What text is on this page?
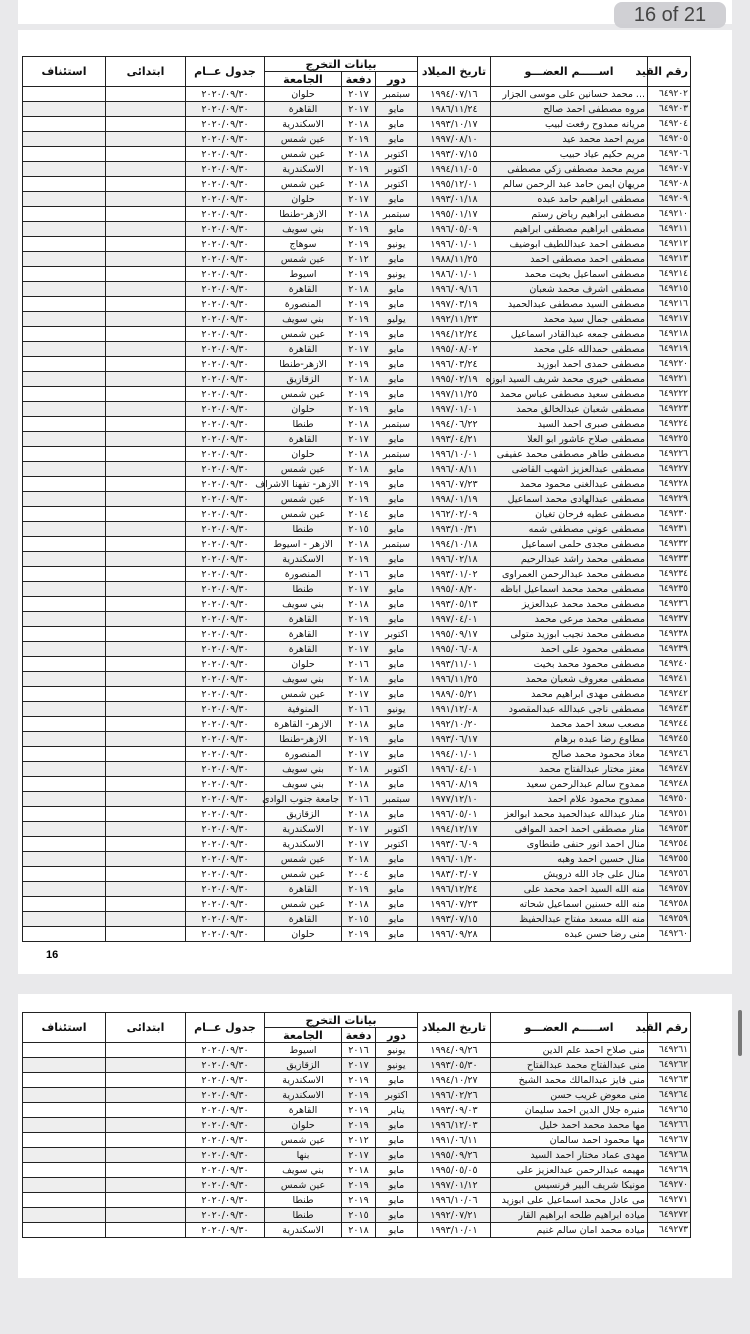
رقم القيد	اســـــم العضـــو	تاريخ الميلاد	بيانات التخرج			جدول عــام	ابتدائى	استئناف
			دور	دفعة	الجامعة			
٦٤٩٢٠٢	... محمد حسانين على موسى الجزار	١٩٩٤/٠٧/١٦	سبتمبر	٢٠١٧	حلوان	٢٠٢٠/٠٩/٣٠		
٦٤٩٢٠٣	مروه مصطفى احمد صالح	١٩٨٦/١١/٢٤	مايو	٢٠١٧	القاهرة	٢٠٢٠/٠٩/٣٠		
٦٤٩٢٠٤	مريانه ممدوح رفعت لبيب	١٩٩٣/١٠/١٧	مايو	٢٠١٨	الاسكندرية	٢٠٢٠/٠٩/٣٠		
٦٤٩٢٠٥	مريم احمد محمد عيد	١٩٩٧/٠٨/١٠	مايو	٢٠١٩	عين شمس	٢٠٢٠/٠٩/٣٠		
٦٤٩٢٠٦	مريم حكيم عياد حبيب	١٩٩٣/٠٧/١٥	اكتوبر	٢٠١٨	عين شمس	٢٠٢٠/٠٩/٣٠		
٦٤٩٢٠٧	مريم محمد مصطفى زكي مصطفى	١٩٩٤/١١/٠٥	اكتوبر	٢٠١٩	الاسكندرية	٢٠٢٠/٠٩/٣٠		
٦٤٩٢٠٨	مريهان ايمن حامد عبد الرحمن سالم	١٩٩٥/١٢/٠١	اكتوبر	٢٠١٨	عين شمس	٢٠٢٠/٠٩/٣٠		
٦٤٩٢٠٩	مصطفى ابراهيم حامد عبده	١٩٩٣/٠١/١٨	مايو	٢٠١٧	حلوان	٢٠٢٠/٠٩/٣٠		
٦٤٩٢١٠	مصطفى ابراهيم رياض رستم	١٩٩٥/٠١/١٧	سبتمبر	٢٠١٨	الازهر-طنطا	٢٠٢٠/٠٩/٣٠		
٦٤٩٢١١	مصطفى ابراهيم مصطفى ابراهيم	١٩٩٦/٠٥/٠٩	مايو	٢٠١٩	بني سويف	٢٠٢٠/٠٩/٣٠		
٦٤٩٢١٢	مصطفى احمد عبداللطيف ابوضيف	١٩٩٦/٠١/٠١	يونيو	٢٠١٩	سوهاج	٢٠٢٠/٠٩/٣٠		
٦٤٩٢١٣	مصطفى احمد مصطفى احمد	١٩٨٨/١١/٢٥	مايو	٢٠١٢	عين شمس	٢٠٢٠/٠٩/٣٠		
٦٤٩٢١٤	مصطفى اسماعيل بخيت محمد	١٩٨٦/٠١/٠١	يونيو	٢٠١٩	اسيوط	٢٠٢٠/٠٩/٣٠		
٦٤٩٢١٥	مصطفى اشرف محمد شعبان	١٩٩٦/٠٩/١٦	مايو	٢٠١٨	القاهرة	٢٠٢٠/٠٩/٣٠		
٦٤٩٢١٦	مصطفى السيد مصطفى عبدالحميد	١٩٩٧/٠٣/١٩	مايو	٢٠١٩	المنصورة	٢٠٢٠/٠٩/٣٠		
٦٤٩٢١٧	مصطفى جمال سيد محمد	١٩٩٢/١١/٢٣	يوليو	٢٠١٩	بني سويف	٢٠٢٠/٠٩/٣٠		
٦٤٩٢١٨	مصطفى جمعه عبدالقادر اسماعيل	١٩٩٤/١٢/٢٤	مايو	٢٠١٩	عين شمس	٢٠٢٠/٠٩/٣٠		
٦٤٩٢١٩	مصطفى حمدالله على محمد	١٩٩٥/٠٨/٠٢	مايو	٢٠١٧	القاهرة	٢٠٢٠/٠٩/٣٠		
٦٤٩٢٢٠	مصطفى حمدى احمد ابوزيد	١٩٩٦/٠٣/٢٤	مايو	٢٠١٩	الازهر-طنطا	٢٠٢٠/٠٩/٣٠		
٦٤٩٢٢١	مصطفى خيرى محمد شريف السيد ابوزه	١٩٩٥/٠٢/١٩	مايو	٢٠١٨	الزقازيق	٢٠٢٠/٠٩/٣٠		
٦٤٩٢٢٢	مصطفى سعيد مصطفى عباس محمد	١٩٩٧/١١/٢٥	مايو	٢٠١٩	عين شمس	٢٠٢٠/٠٩/٣٠		
٦٤٩٢٢٣	مصطفى شعبان عبدالخالق محمد	١٩٩٧/٠١/٠١	مايو	٢٠١٩	حلوان	٢٠٢٠/٠٩/٣٠		
٦٤٩٢٢٤	مصطفى صبرى احمد السيد	١٩٩٤/٠٦/٢٢	سبتمبر	٢٠١٨	طنطا	٢٠٢٠/٠٩/٣٠		
٦٤٩٢٢٥	مصطفى صلاح عاشور ابو العلا	١٩٩٣/٠٤/٢١	مايو	٢٠١٧	القاهرة	٢٠٢٠/٠٩/٣٠		
٦٤٩٢٢٦	مصطفى طاهر مصطفى محمد عفيفى	١٩٩٦/١٠/٠١	سبتمبر	٢٠١٨	حلوان	٢٠٢٠/٠٩/٣٠		
٦٤٩٢٢٧	مصطفى عبدالعزيز اشهب القاضى	١٩٩٦/٠٨/١١	مايو	٢٠١٨	عين شمس	٢٠٢٠/٠٩/٣٠		
٦٤٩٢٢٨	مصطفى عبدالغنى محمود محمد	١٩٩٦/٠٧/٢٣	مايو	٢٠١٩	الازهر- تفهنا الاشراف	٢٠٢٠/٠٩/٣٠		
٦٤٩٢٢٩	مصطفى عبدالهادى محمد اسماعيل	١٩٩٨/٠١/١٩	مايو	٢٠١٩	عين شمس	٢٠٢٠/٠٩/٣٠		
٦٤٩٢٣٠	مصطفى عطيه فرحان تغيان	١٩٦٢/٠٢/٠٩	مايو	٢٠١٤	عين شمس	٢٠٢٠/٠٩/٣٠		
٦٤٩٢٣١	مصطفى عونى مصطفى شمه	١٩٩٣/١٠/٣١	مايو	٢٠١٥	طنطا	٢٠٢٠/٠٩/٣٠		
٦٤٩٢٣٢	مصطفى مجدى حلمى اسماعيل	١٩٩٤/١٠/١٨	سبتمبر	٢٠١٨	الازهر - اسيوط	٢٠٢٠/٠٩/٣٠		
٦٤٩٢٣٣	مصطفى محمد راشد عبدالرحيم	١٩٩٦/٠٢/١٨	مايو	٢٠١٩	الاسكندرية	٢٠٢٠/٠٩/٣٠		
٦٤٩٢٣٤	مصطفى محمد عبدالرحمن العمراوى	١٩٩٣/٠١/٠٢	مايو	٢٠١٦	المنصورة	٢٠٢٠/٠٩/٣٠		
٦٤٩٢٣٥	مصطفى محمد محمد اسماعيل اباظه	١٩٩٥/٠٨/٢٠	مايو	٢٠١٧	طنطا	٢٠٢٠/٠٩/٣٠		
٦٤٩٢٣٦	مصطفى محمد محمد عبدالعزيز	١٩٩٣/٠٥/١٣	مايو	٢٠١٨	بني سويف	٢٠٢٠/٠٩/٣٠		
٦٤٩٢٣٧	مصطفى محمد مرعى محمد	١٩٩٧/٠٤/٠١	مايو	٢٠١٩	القاهرة	٢٠٢٠/٠٩/٣٠		
٦٤٩٢٣٨	مصطفى محمد نجيب ابوزيد متولى	١٩٩٥/٠٩/١٧	اكتوبر	٢٠١٧	القاهرة	٢٠٢٠/٠٩/٣٠		
٦٤٩٢٣٩	مصطفى محمود على احمد	١٩٩٥/٠٦/٠٨	مايو	٢٠١٧	القاهرة	٢٠٢٠/٠٩/٣٠		
٦٤٩٢٤٠	مصطفى محمود محمد بخيت	١٩٩٣/١١/٠١	مايو	٢٠١٦	حلوان	٢٠٢٠/٠٩/٣٠		
٦٤٩٢٤١	مصطفى معروف شعبان محمد	١٩٩٦/١١/٢٥	مايو	٢٠١٨	بني سويف	٢٠٢٠/٠٩/٣٠		
٦٤٩٢٤٢	مصطفى مهدى ابراهيم محمد	١٩٨٩/٠٥/٢١	مايو	٢٠١٧	عين شمس	٢٠٢٠/٠٩/٣٠		
٦٤٩٢٤٣	مصطفى ناجى عبدالله عبدالمقصود	١٩٩١/١٢/٠٨	يونيو	٢٠١٦	المنوفية	٢٠٢٠/٠٩/٣٠		
٦٤٩٢٤٤	مصعب سعد احمد محمد	١٩٩٢/١٠/٢٠	مايو	٢٠١٨	الازهر- القاهرة	٢٠٢٠/٠٩/٣٠		
٦٤٩٢٤٥	مطاوع رضا عبده برهام	١٩٩٣/٠٦/١٧	مايو	٢٠١٩	الازهر-طنطا	٢٠٢٠/٠٩/٣٠		
٦٤٩٢٤٦	معاذ محمود محمد صالح	١٩٩٤/٠١/٠١	مايو	٢٠١٧	المنصورة	٢٠٢٠/٠٩/٣٠		
٦٤٩٢٤٧	معتز مختار عبدالفتاح محمد	١٩٩٦/٠٤/٠١	اكتوبر	٢٠١٨	بني سويف	٢٠٢٠/٠٩/٣٠		
٦٤٩٢٤٨	ممدوح سالم عبدالرحمن سعيد	١٩٩٦/٠٨/١٩	مايو	٢٠١٨	بني سويف	٢٠٢٠/٠٩/٣٠		
٦٤٩٢٥٠	ممدوح محمود علام احمد	١٩٧٧/١٢/١٠	سبتمبر	٢٠١٦	جامعة جنوب الوادى	٢٠٢٠/٠٩/٣٠		
٦٤٩٢٥١	منار عبدالله عبدالحميد محمد ابوالعز	١٩٩٦/٠٥/٠١	مايو	٢٠١٨	الزقازيق	٢٠٢٠/٠٩/٣٠		
٦٤٩٢٥٣	منار مصطفى احمد احمد الموافى	١٩٩٤/١٢/١٧	اكتوبر	٢٠١٧	الاسكندرية	٢٠٢٠/٠٩/٣٠		
٦٤٩٢٥٤	منال احمد انور حنفى طنطاوى	١٩٩٣/٠٦/٠٩	اكتوبر	٢٠١٧	الاسكندرية	٢٠٢٠/٠٩/٣٠		
٦٤٩٢٥٥	منال حسين احمد وهبه	١٩٩٦/٠١/٢٠	مايو	٢٠١٨	عين شمس	٢٠٢٠/٠٩/٣٠		
٦٤٩٢٥٦	منال على جاد الله درويش	١٩٨٣/٠٣/٠٧	مايو	٢٠٠٤	عين شمس	٢٠٢٠/٠٩/٣٠		
٦٤٩٢٥٧	منه الله السيد احمد محمد على	١٩٩٦/١٢/٢٤	مايو	٢٠١٩	القاهرة	٢٠٢٠/٠٩/٣٠		
٦٤٩٢٥٨	منه الله حسنين اسماعيل شحاته	١٩٩٦/٠٧/٢٣	مايو	٢٠١٨	عين شمس	٢٠٢٠/٠٩/٣٠		
٦٤٩٢٥٩	منه الله مسعد مفتاح عبدالحفيظ	١٩٩٣/٠٧/١٥	مايو	٢٠١٥	القاهرة	٢٠٢٠/٠٩/٣٠		
٦٤٩٢٦٠	منى رضا حسن عبده	١٩٩٦/٠٩/٢٨	مايو	٢٠١٩	حلوان	٢٠٢٠/٠٩/٣٠		
16
رقم القيد	اســـــم العضـــو	تاريخ الميلاد	بيانات التخرج			جدول عــام	ابتدائى	استئناف
			دور	دفعة	الجامعة			
٦٤٩٢٦١	منى صلاح احمد علم الدين	١٩٩٤/٠٩/٢٦	يونيو	٢٠١٦	اسيوط	٢٠٢٠/٠٩/٣٠		
٦٤٩٢٦٢	منى عبدالفتاح محمد عبدالفتاح	١٩٩٣/٠٥/٣٠	يونيو	٢٠١٧	الزقازيق	٢٠٢٠/٠٩/٣٠		
٦٤٩٢٦٣	منى فايز عبدالمالك محمد الشيخ	١٩٩٤/١٠/٢٧	مايو	٢٠١٩	الاسكندرية	٢٠٢٠/٠٩/٣٠		
٦٤٩٢٦٤	منى معوض غريب حسن	١٩٩٦/٠٢/٢٦	اكتوبر	٢٠١٩	الاسكندرية	٢٠٢٠/٠٩/٣٠		
٦٤٩٢٦٥	منيره جلال الدين احمد سليمان	١٩٩٣/٠٩/٠٣	يناير	٢٠١٩	القاهرة	٢٠٢٠/٠٩/٣٠		
٦٤٩٢٦٦	مها محمد محمد احمد خليل	١٩٩٦/١٢/٠٣	مايو	٢٠١٩	حلوان	٢٠٢٠/٠٩/٣٠		
٦٤٩٢٦٧	مها محمود احمد سالمان	١٩٩١/٠٦/١١	مايو	٢٠١٢	عين شمس	٢٠٢٠/٠٩/٣٠		
٦٤٩٢٦٨	مهدى عماد مختار احمد السيد	١٩٩٥/٠٩/٢٦	مايو	٢٠١٧	بنها	٢٠٢٠/٠٩/٣٠		
٦٤٩٢٦٩	مهيمه عبدالرحمن عبدالعزيز على	١٩٩٥/٠٥/٠٥	مايو	٢٠١٨	بني سويف	٢٠٢٠/٠٩/٣٠		
٦٤٩٢٧٠	مونيكا شريف البير فرنسيس	١٩٩٧/٠١/١٢	مايو	٢٠١٩	عين شمس	٢٠٢٠/٠٩/٣٠		
٦٤٩٢٧١	مى عادل محمد اسماعيل على ابوزيد	١٩٩٦/١٠/٠٦	مايو	٢٠١٩	طنطا	٢٠٢٠/٠٩/٣٠		
٦٤٩٢٧٢	مياده ابراهيم طلحه ابراهيم القار	١٩٩٢/٠٧/٢١	مايو	٢٠١٥	طنطا	٢٠٢٠/٠٩/٣٠		
٦٤٩٢٧٣	مياده محمد امان سالم غنيم	١٩٩٣/١٠/٠١	مايو	٢٠١٨	الاسكندرية	٢٠٢٠/٠٩/٣٠		
16 of 21
